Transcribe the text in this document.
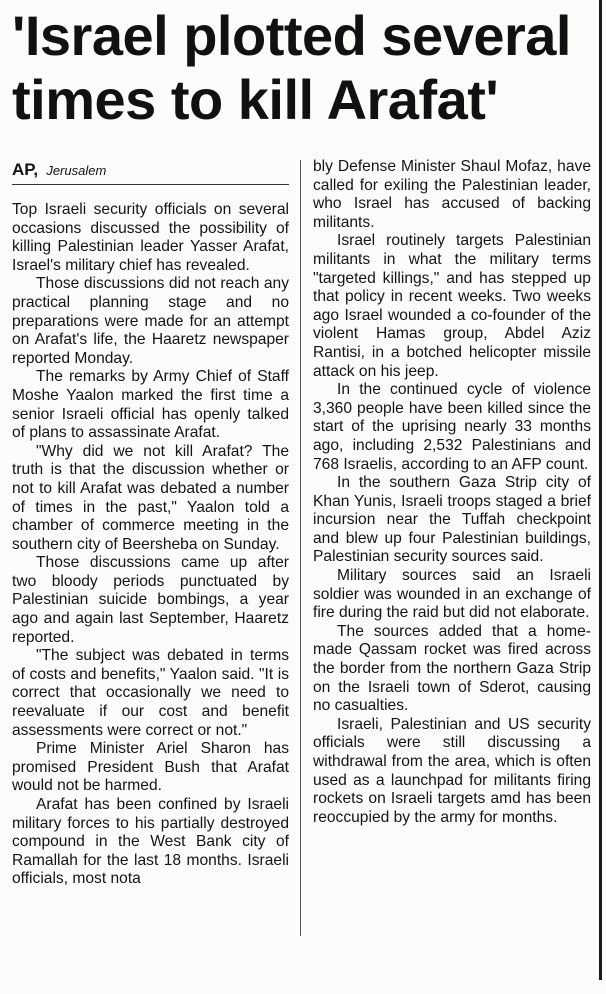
'Israel plotted several times to kill Arafat'
AP, Jerusalem

Top Israeli security officials on several occasions discussed the possibility of killing Palestinian leader Yasser Arafat, Israel's military chief has revealed.

Those discussions did not reach any practical planning stage and no preparations were made for an attempt on Arafat's life, the Haaretz newspaper reported Monday.

The remarks by Army Chief of Staff Moshe Yaalon marked the first time a senior Israeli official has openly talked of plans to assassinate Arafat.

"Why did we not kill Arafat? The truth is that the discussion whether or not to kill Arafat was debated a number of times in the past," Yaalon told a chamber of commerce meeting in the southern city of Beersheba on Sunday.

Those discussions came up after two bloody periods punctuated by Palestinian suicide bombings, a year ago and again last September, Haaretz reported.

"The subject was debated in terms of costs and benefits," Yaalon said. "It is correct that occasionally we need to reevaluate if our cost and benefit assessments were correct or not."

Prime Minister Ariel Sharon has promised President Bush that Arafat would not be harmed.

Arafat has been confined by Israeli military forces to his partially destroyed compound in the West Bank city of Ramallah for the last 18 months. Israeli officials, most nota

bly Defense Minister Shaul Mofaz, have called for exiling the Palestinian leader, who Israel has accused of backing militants.

Israel routinely targets Palestinian militants in what the military terms "targeted killings," and has stepped up that policy in recent weeks. Two weeks ago Israel wounded a co-founder of the violent Hamas group, Abdel Aziz Rantisi, in a botched helicopter missile attack on his jeep.

In the continued cycle of violence 3,360 people have been killed since the start of the uprising nearly 33 months ago, including 2,532 Palestinians and 768 Israelis, according to an AFP count.

In the southern Gaza Strip city of Khan Yunis, Israeli troops staged a brief incursion near the Tuffah checkpoint and blew up four Palestinian buildings, Palestinian security sources said.

Military sources said an Israeli soldier was wounded in an exchange of fire during the raid but did not elaborate.

The sources added that a homemade Qassam rocket was fired across the border from the northern Gaza Strip on the Israeli town of Sderot, causing no casualties.

Israeli, Palestinian and US security officials were still discussing a withdrawal from the area, which is often used as a launchpad for militants firing rockets on Israeli targets amd has been reoccupied by the army for months.
